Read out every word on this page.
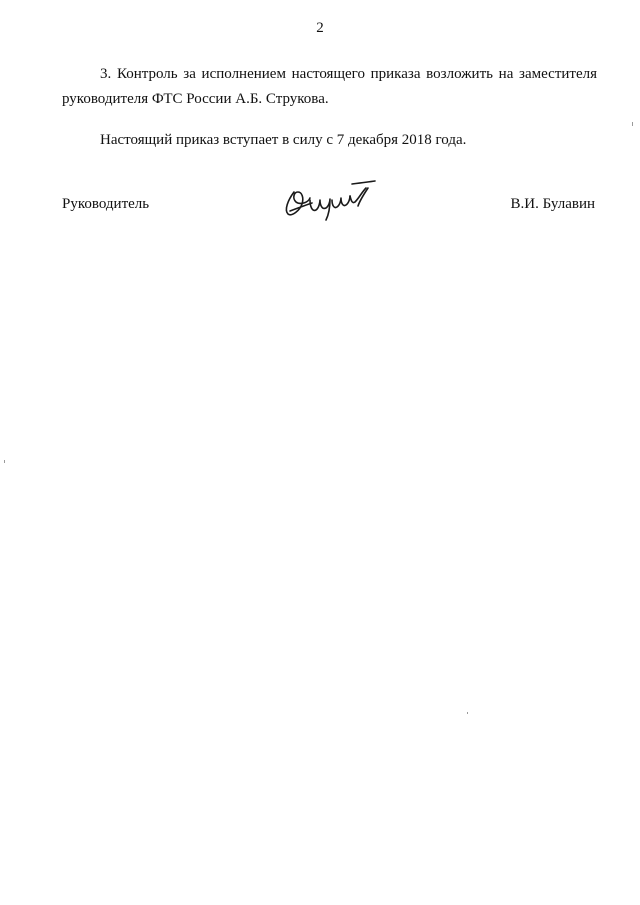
2
3. Контроль за исполнением настоящего приказа возложить на заместителя руководителя ФТС России А.Б. Струкова.
Настоящий приказ вступает в силу с 7 декабря 2018 года.
Руководитель	В.И. Булавин
